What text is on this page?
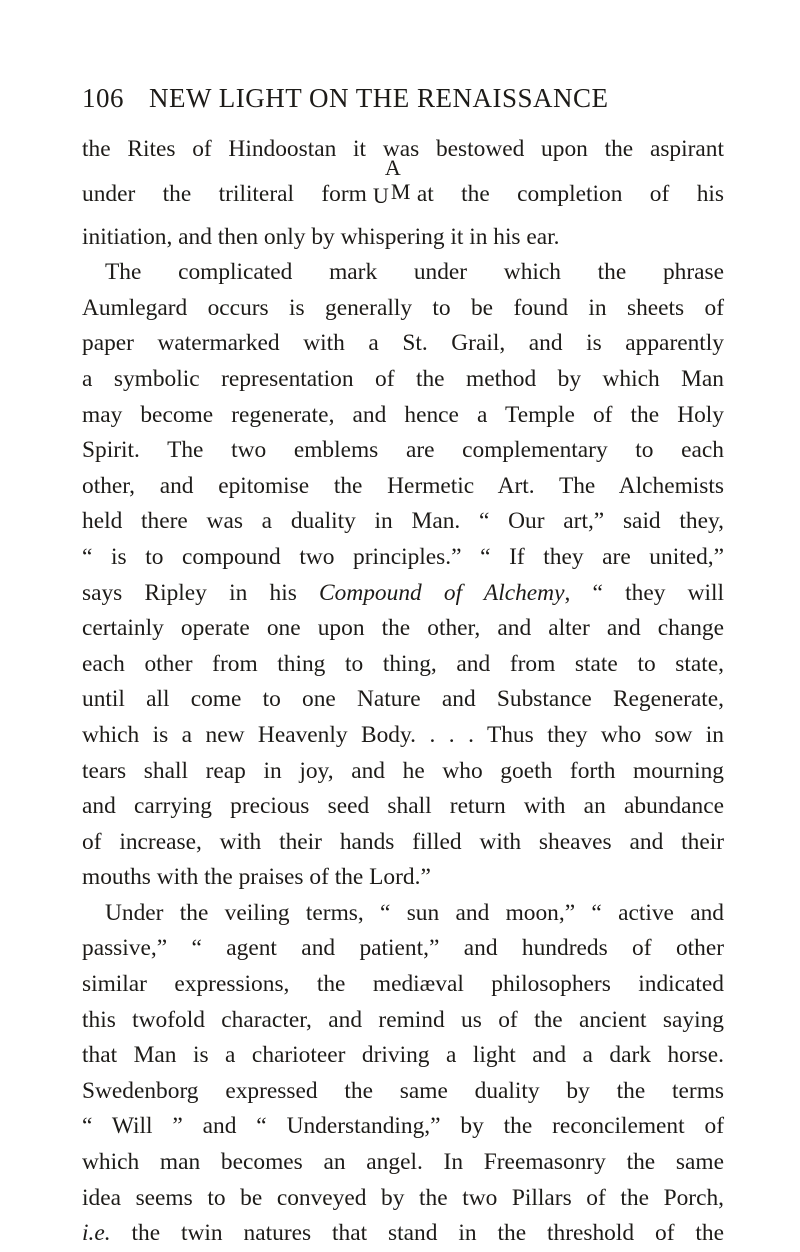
106 NEW LIGHT ON THE RENAISSANCE
the Rites of Hindoostan it was bestowed upon the aspirant
under the triliteral form
A
U M at the completion of his
initiation, and then only by whispering it in his ear.
The complicated mark under which the phrase
Aumlegard occurs is generally to be found in sheets of
paper watermarked with a St. Grail, and is apparently
a symbolic representation of the method by which Man
may become regenerate, and hence a Temple of the Holy
Spirit. The two emblems are complementary to each
other, and epitomise the Hermetic Art. The Alchemists
held there was a duality in Man. “ Our art,” said they,
“ is to compound two principles.” “ If they are united,”
says Ripley in his Compound of Alchemy, “ they will
certainly operate one upon the other, and alter and change
each other from thing to thing, and from state to state,
until all come to one Nature and Substance Regenerate,
which is a new Heavenly Body. . . . Thus they who sow in
tears shall reap in joy, and he who goeth forth mourning
and carrying precious seed shall return with an abundance
of increase, with their hands filled with sheaves and their
mouths with the praises of the Lord.”
Under the veiling terms, “ sun and moon,” “ active and
passive,” “ agent and patient,” and hundreds of other
similar expressions, the mediæval philosophers indicated
this twofold character, and remind us of the ancient saying
that Man is a charioteer driving a light and a dark horse.
Swedenborg expressed the same duality by the terms
“ Will ” and “ Understanding,” by the reconcilement of
which man becomes an angel. In Freemasonry the same
idea seems to be conveyed by the two Pillars of the Porch,
i.e. the twin natures that stand in the threshold of the
